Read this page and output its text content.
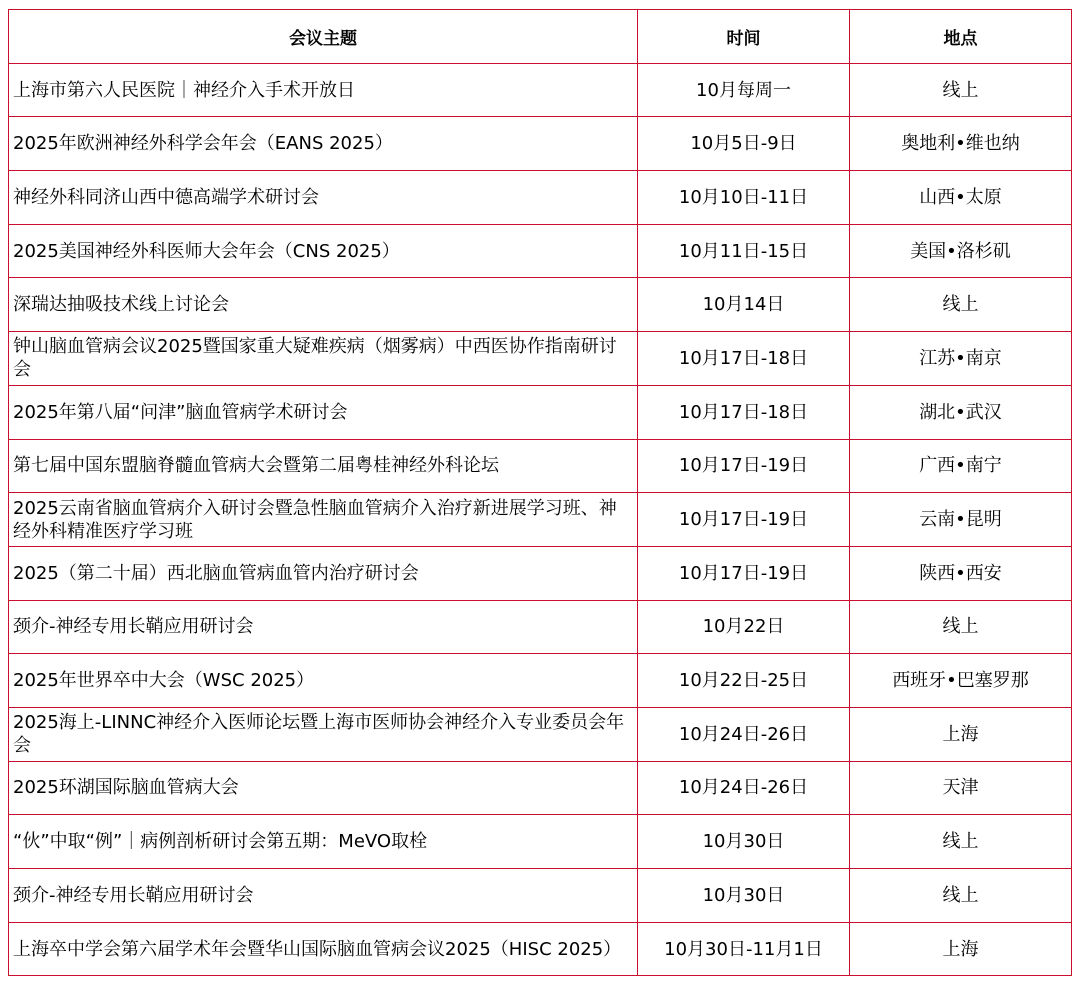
会议主题	时间	地点
上海市第六人民医院｜神经介入手术开放日	10月每周一	线上
2025年欧洲神经外科学会年会（EANS 2025）	10月5日-9日	奥地利•维也纳
神经外科同济山西中德高端学术研讨会	10月10日-11日	山西•太原
2025美国神经外科医师大会年会（CNS 2025）	10月11日-15日	美国•洛杉矶
深瑞达抽吸技术线上讨论会	10月14日	线上
钟山脑血管病会议2025暨国家重大疑难疾病（烟雾病）中西医协作指南研讨会	10月17日-18日	江苏•南京
2025年第八届“问津”脑血管病学术研讨会	10月17日-18日	湖北•武汉
第七届中国东盟脑脊髓血管病大会暨第二届粤桂神经外科论坛	10月17日-19日	广西•南宁
2025云南省脑血管病介入研讨会暨急性脑血管病介入治疗新进展学习班、神经外科精准医疗学习班	10月17日-19日	云南•昆明
2025（第二十届）西北脑血管病血管内治疗研讨会	10月17日-19日	陕西•西安
颈介-神经专用长鞘应用研讨会	10月22日	线上
2025年世界卒中大会（WSC 2025）	10月22日-25日	西班牙•巴塞罗那
2025海上-LINNC神经介入医师论坛暨上海市医师协会神经介入专业委员会年会	10月24日-26日	上海
2025环湖国际脑血管病大会	10月24日-26日	天津
“伙”中取“例”｜病例剖析研讨会第五期：MeVO取栓	10月30日	线上
颈介-神经专用长鞘应用研讨会	10月30日	线上
上海卒中学会第六届学术年会暨华山国际脑血管病会议2025（HISC 2025）	10月30日-11月1日	上海
